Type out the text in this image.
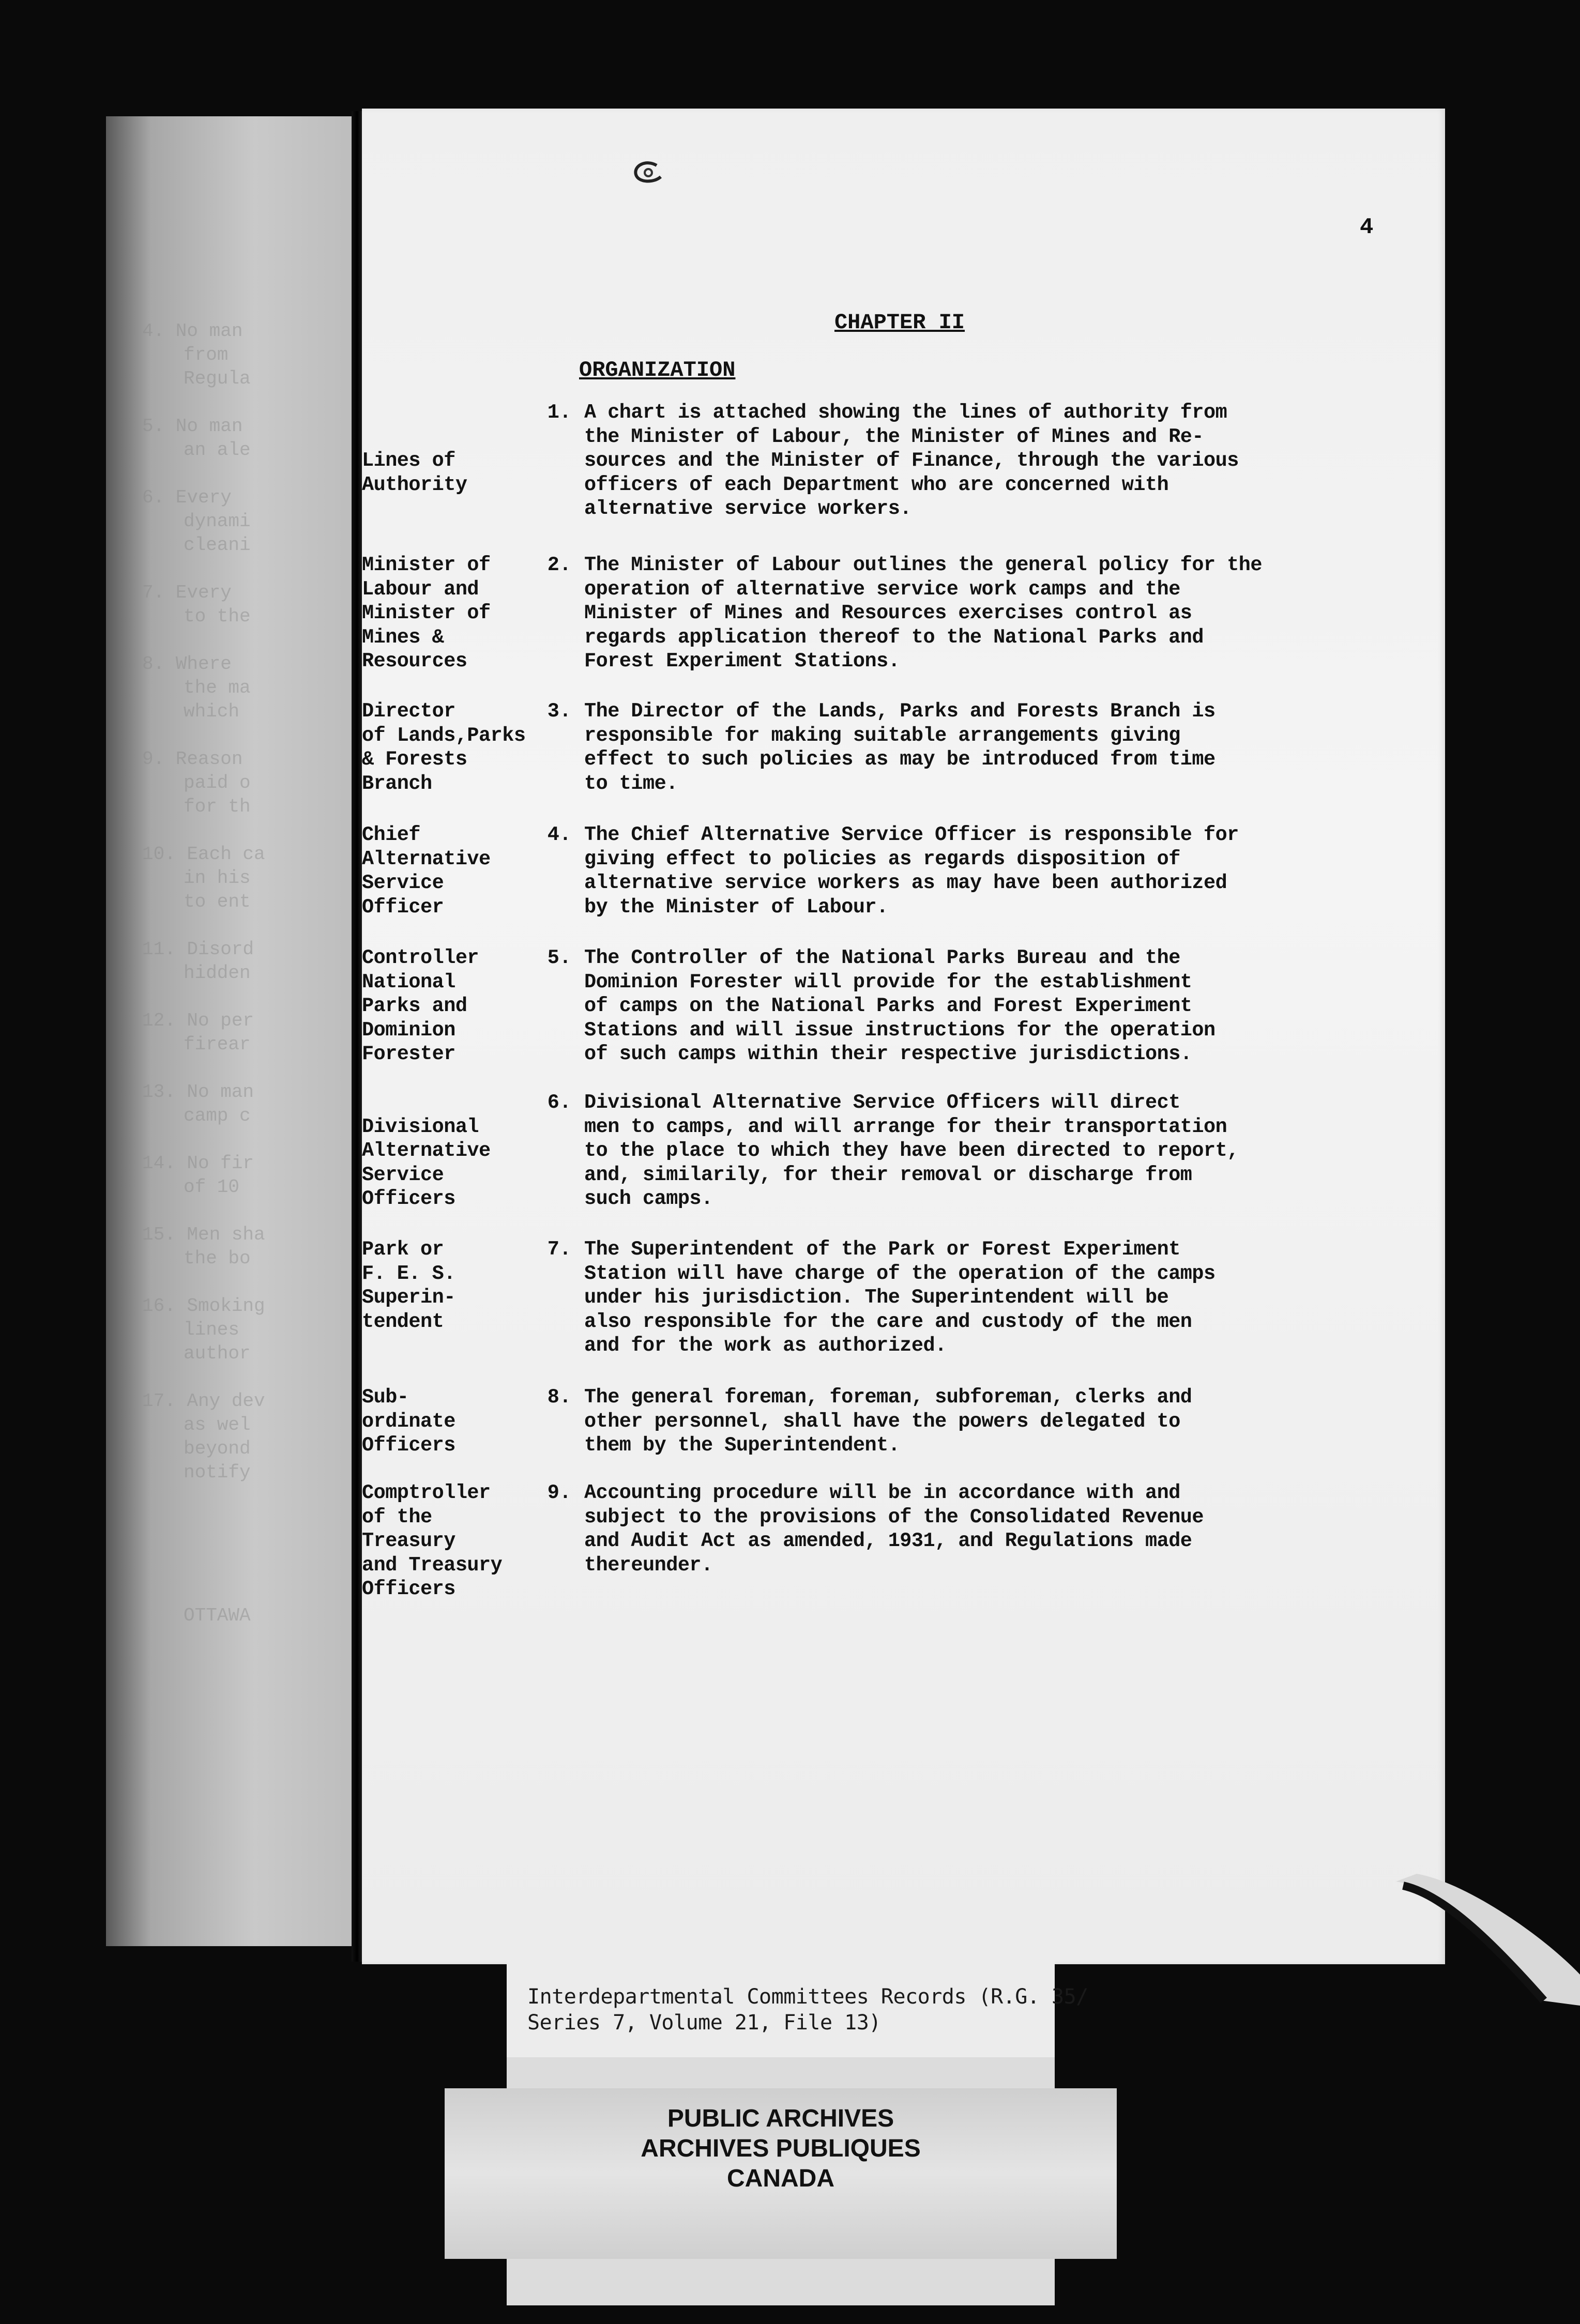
4. No man
from
Regula
5. No man
an ale
6. Every
dynami
cleani
7. Every
to the
8. Where
the ma
which
9. Reason
paid o
for th
10. Each ca
in his
to ent
11. Disord
hidden
12. No per
firear
13. No man
camp c
14. No fir
of 10
15. Men sha
the bo
16. Smoking
lines
author
17. Any dev
as wel
beyond
notify
OTTAWA
4
CHAPTER II
ORGANIZATION

Lines of
Authority
1. A chart is attached showing the lines of authority from
the Minister of Labour, the Minister of Mines and Re-
sources and the Minister of Finance, through the various
officers of each Department who are concerned with
alternative service workers.
Minister of
Labour and
Minister of
Mines &
Resources
2. The Minister of Labour outlines the general policy for the
operation of alternative service work camps and the
Minister of Mines and Resources exercises control as
regards application thereof to the National Parks and
Forest Experiment Stations.
Director
of Lands,Parks
& Forests
Branch
3. The Director of the Lands, Parks and Forests Branch is
responsible for making suitable arrangements giving
effect to such policies as may be introduced from time
to time.
Chief
Alternative
Service
Officer
4. The Chief Alternative Service Officer is responsible for
giving effect to policies as regards disposition of
alternative service workers as may have been authorized
by the Minister of Labour.
Controller
National
Parks and
Dominion
Forester
5. The Controller of the National Parks Bureau and the
Dominion Forester will provide for the establishment
of camps on the National Parks and Forest Experiment
Stations and will issue instructions for the operation
of such camps within their respective jurisdictions.

Divisional
Alternative
Service
Officers
6. Divisional Alternative Service Officers will direct
men to camps, and will arrange for their transportation
to the place to which they have been directed to report,
and, similarily, for their removal or discharge from
such camps.
Park or
F. E. S.
Superin-
tendent
7. The Superintendent of the Park or Forest Experiment
Station will have charge of the operation of the camps
under his jurisdiction. The Superintendent will be
also responsible for the care and custody of the men
and for the work as authorized.
Sub-
ordinate
Officers
8. The general foreman, foreman, subforeman, clerks and
other personnel, shall have the powers delegated to
them by the Superintendent.
Comptroller
of the
Treasury
and Treasury
Officers
9. Accounting procedure will be in accordance with and
subject to the provisions of the Consolidated Revenue
and Audit Act as amended, 1931, and Regulations made
thereunder.
Interdepartmental Committees Records (R.G. 35/
Series 7, Volume 21, File 13)
PUBLIC ARCHIVES
ARCHIVES PUBLIQUES
CANADA
